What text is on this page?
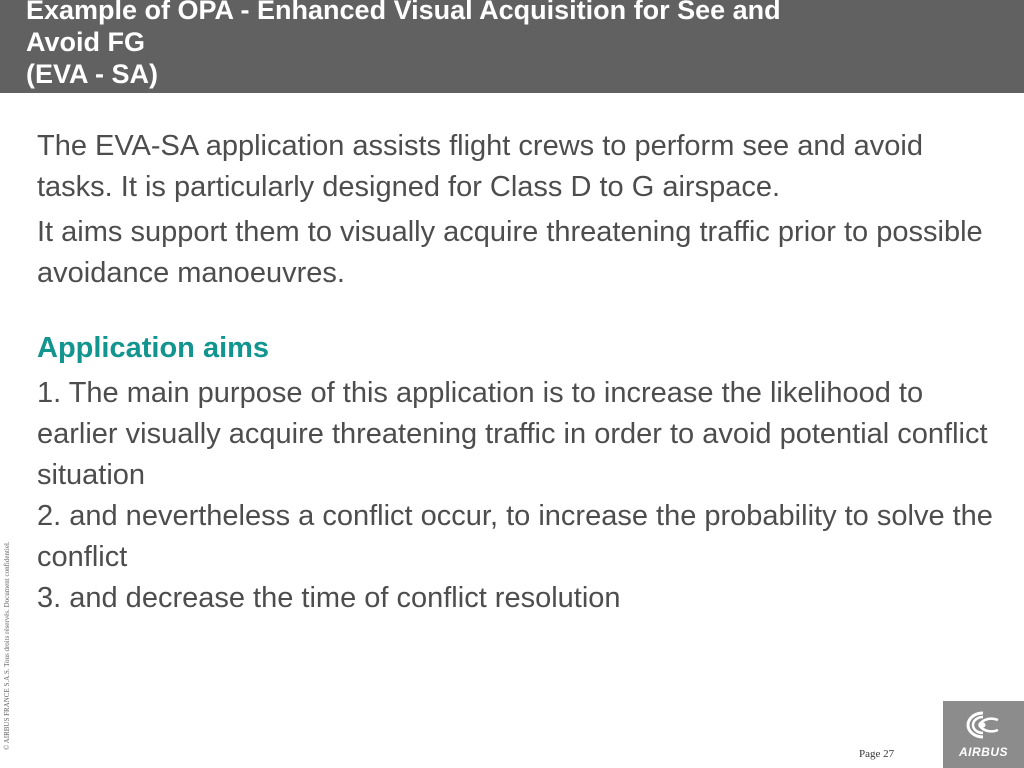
Example of OPA - Enhanced Visual Acquisition for See and
Avoid FG
(EVA - SA)

The EVA-SA application assists flight crews to perform see and avoid tasks. It is particularly designed for Class D to G airspace.

It aims support them to visually acquire threatening traffic prior to possible avoidance manoeuvres.

Application aims

1. The main purpose of this application is to increase the likelihood to earlier visually acquire threatening traffic in order to avoid potential conflict situation

2. and nevertheless a conflict occur, to increase the probability to solve the conflict

3. and decrease the time of conflict resolution

© AIRBUS FRANCE S.A.S. Tous droits réservés. Document confidentiel.
Page 27	AIRBUS
